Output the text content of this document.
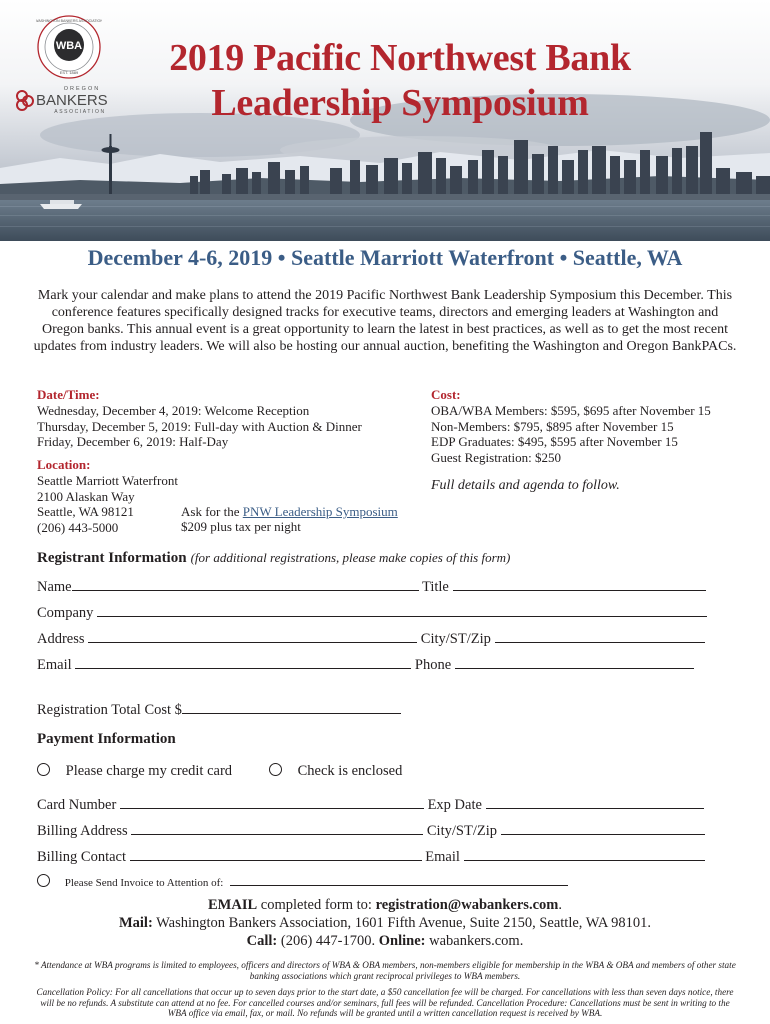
WBA
EST. 1889
WASHINGTON BANKERS ASSOCIATION
OREGON
BANKERS
ASSOCIATION
2019 Pacific Northwest Bank
Leadership Symposium
December 4-6, 2019 • Seattle Marriott Waterfront • Seattle, WA
Mark your calendar and make plans to attend the 2019 Pacific Northwest Bank Leadership Symposium this December. This conference features specifically designed tracks for executive teams, directors and emerging leaders at Washington and Oregon banks. This annual event is a great opportunity to learn the latest in best practices, as well as to get the most recent updates from industry leaders. We will also be hosting our annual auction, benefiting the Washington and Oregon BankPACs.
Date/Time:
Wednesday, December 4, 2019: Welcome Reception
Thursday, December 5, 2019: Full-day with Auction & Dinner
Friday, December 6, 2019: Half-Day
Location:
Seattle Marriott Waterfront
2100 Alaskan Way
Seattle, WA 98121
(206) 443-5000
Ask for the PNW Leadership Symposium
$209 plus tax per night
Cost:
OBA/WBA Members: $595, $695 after November 15
Non-Members: $795, $895 after November 15
EDP Graduates: $495, $595 after November 15
Guest Registration: $250
Full details and agenda to follow.
Registrant Information (for additional registrations, please make copies of this form)
Name	Title
Company
Address	City/ST/Zip
Email	Phone
Registration Total Cost $
Payment Information
Please charge my credit card	Check is enclosed
Card Number	Exp Date
Billing Address	City/ST/Zip
Billing Contact	Email
Please Send Invoice to Attention of:
EMAIL completed form to: registration@wabankers.com.
Mail: Washington Bankers Association, 1601 Fifth Avenue, Suite 2150, Seattle, WA 98101.
Call: (206) 447-1700. Online: wabankers.com.
* Attendance at WBA programs is limited to employees, officers and directors of WBA & OBA members, non-members eligible for membership in the WBA & OBA and members of other state banking associations which grant reciprocal privileges to WBA members.
Cancellation Policy: For all cancellations that occur up to seven days prior to the start date, a $50 cancellation fee will be charged. For cancellations with less than seven days notice, there will be no refunds. A substitute can attend at no fee. For cancelled courses and/or seminars, full fees will be refunded. Cancellation Procedure: Cancellations must be sent in writing to the WBA office via email, fax, or mail. No refunds will be granted until a written cancellation request is received by WBA.
